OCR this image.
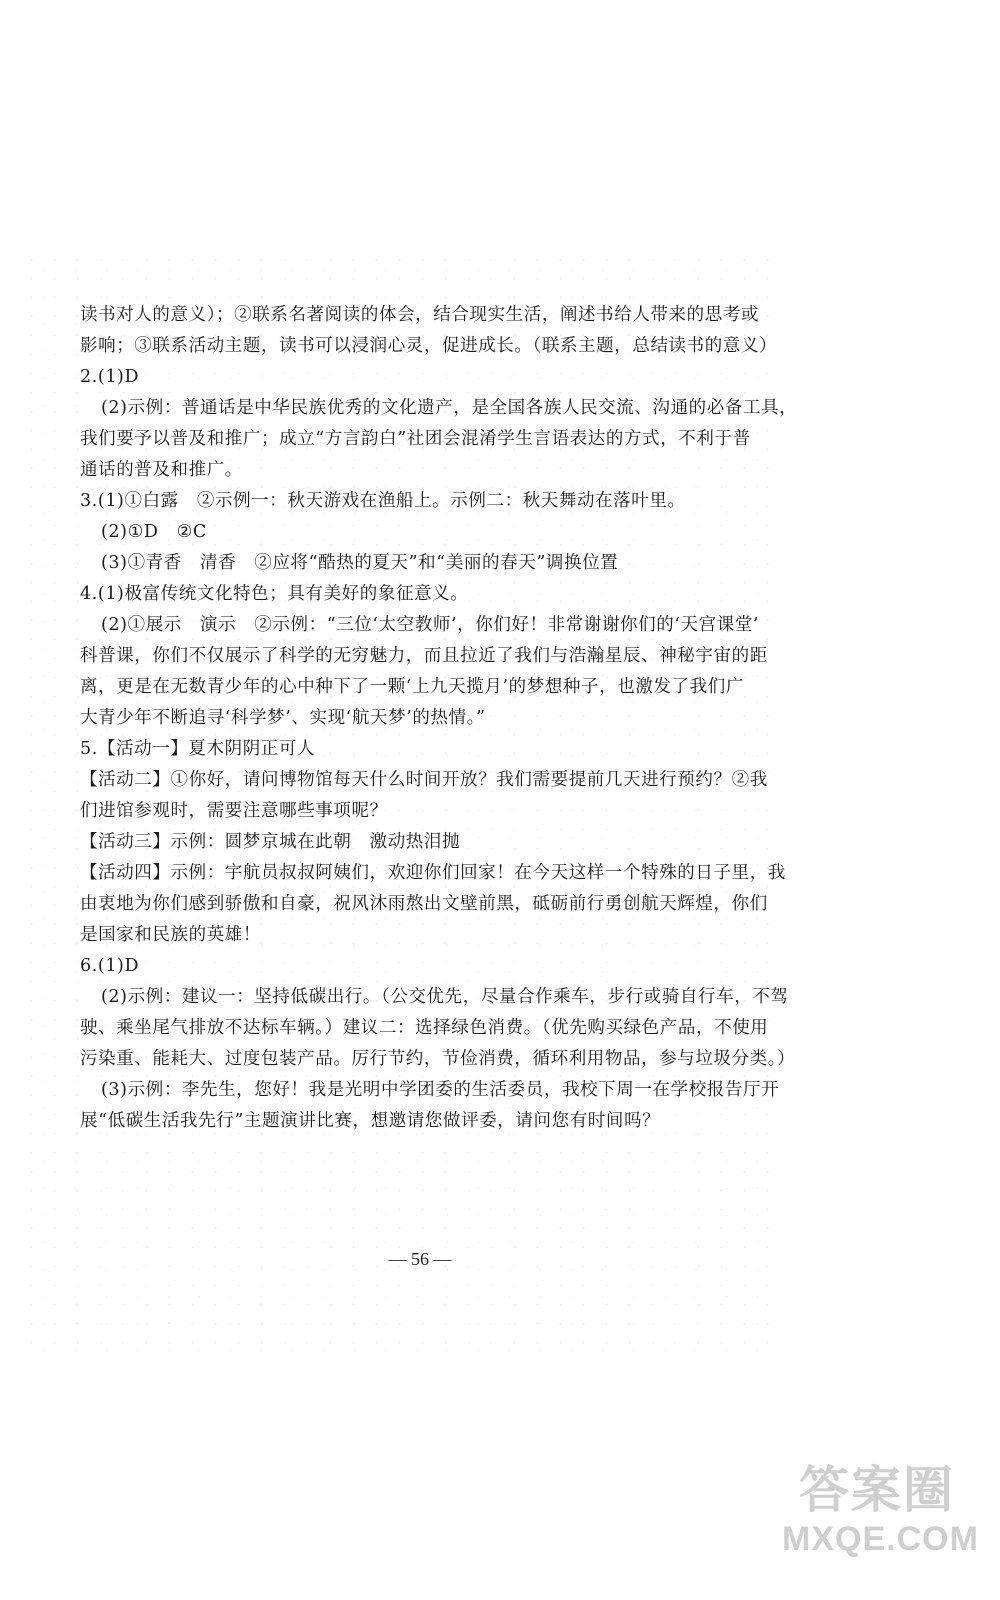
读书对人的意义）；②联系名著阅读的体会，结合现实生活，阐述书给人带来的思考或

影响；③联系活动主题，读书可以浸润心灵，促进成长。（联系主题，总结读书的意义）

2.(1)D

(2)示例：普通话是中华民族优秀的文化遗产，是全国各族人民交流、沟通的必备工具，

我们要予以普及和推广；成立“方言韵白”社团会混淆学生言语表达的方式，不利于普

通话的普及和推广。

3.(1)①白露　②示例一：秋天游戏在渔船上。示例二：秋天舞动在落叶里。

(2)①D　②C

(3)①青香　清香　②应将“酷热的夏天”和“美丽的春天”调换位置

4.(1)极富传统文化特色；具有美好的象征意义。

(2)①展示　演示　②示例：“三位‘太空教师’，你们好！非常谢谢你们的‘天宫课堂’

科普课，你们不仅展示了科学的无穷魅力，而且拉近了我们与浩瀚星辰、神秘宇宙的距

离，更是在无数青少年的心中种下了一颗‘上九天揽月’的梦想种子，也激发了我们广

大青少年不断追寻‘科学梦’、实现‘航天梦’的热情。”

5.【活动一】夏木阴阴正可人

【活动二】①你好，请问博物馆每天什么时间开放？我们需要提前几天进行预约？②我

们进馆参观时，需要注意哪些事项呢？

【活动三】示例：圆梦京城在此朝　激动热泪抛

【活动四】示例：宇航员叔叔阿姨们，欢迎你们回家！在今天这样一个特殊的日子里，我

由衷地为你们感到骄傲和自豪，祝风沐雨熬出文壁前黑，砥砺前行勇创航天辉煌，你们

是国家和民族的英雄！

6.(1)D

(2)示例：建议一：坚持低碳出行。（公交优先，尽量合作乘车，步行或骑自行车，不驾

驶、乘坐尾气排放不达标车辆。）建议二：选择绿色消费。（优先购买绿色产品，不使用

污染重、能耗大、过度包装产品。厉行节约，节俭消费，循环利用物品，参与垃圾分类。）

(3)示例：李先生，您好！我是光明中学团委的生活委员，我校下周一在学校报告厅开

展“低碳生活我先行”主题演讲比赛，想邀请您做评委，请问您有时间吗？

— 56 —
答案圈
MXQE.COM
